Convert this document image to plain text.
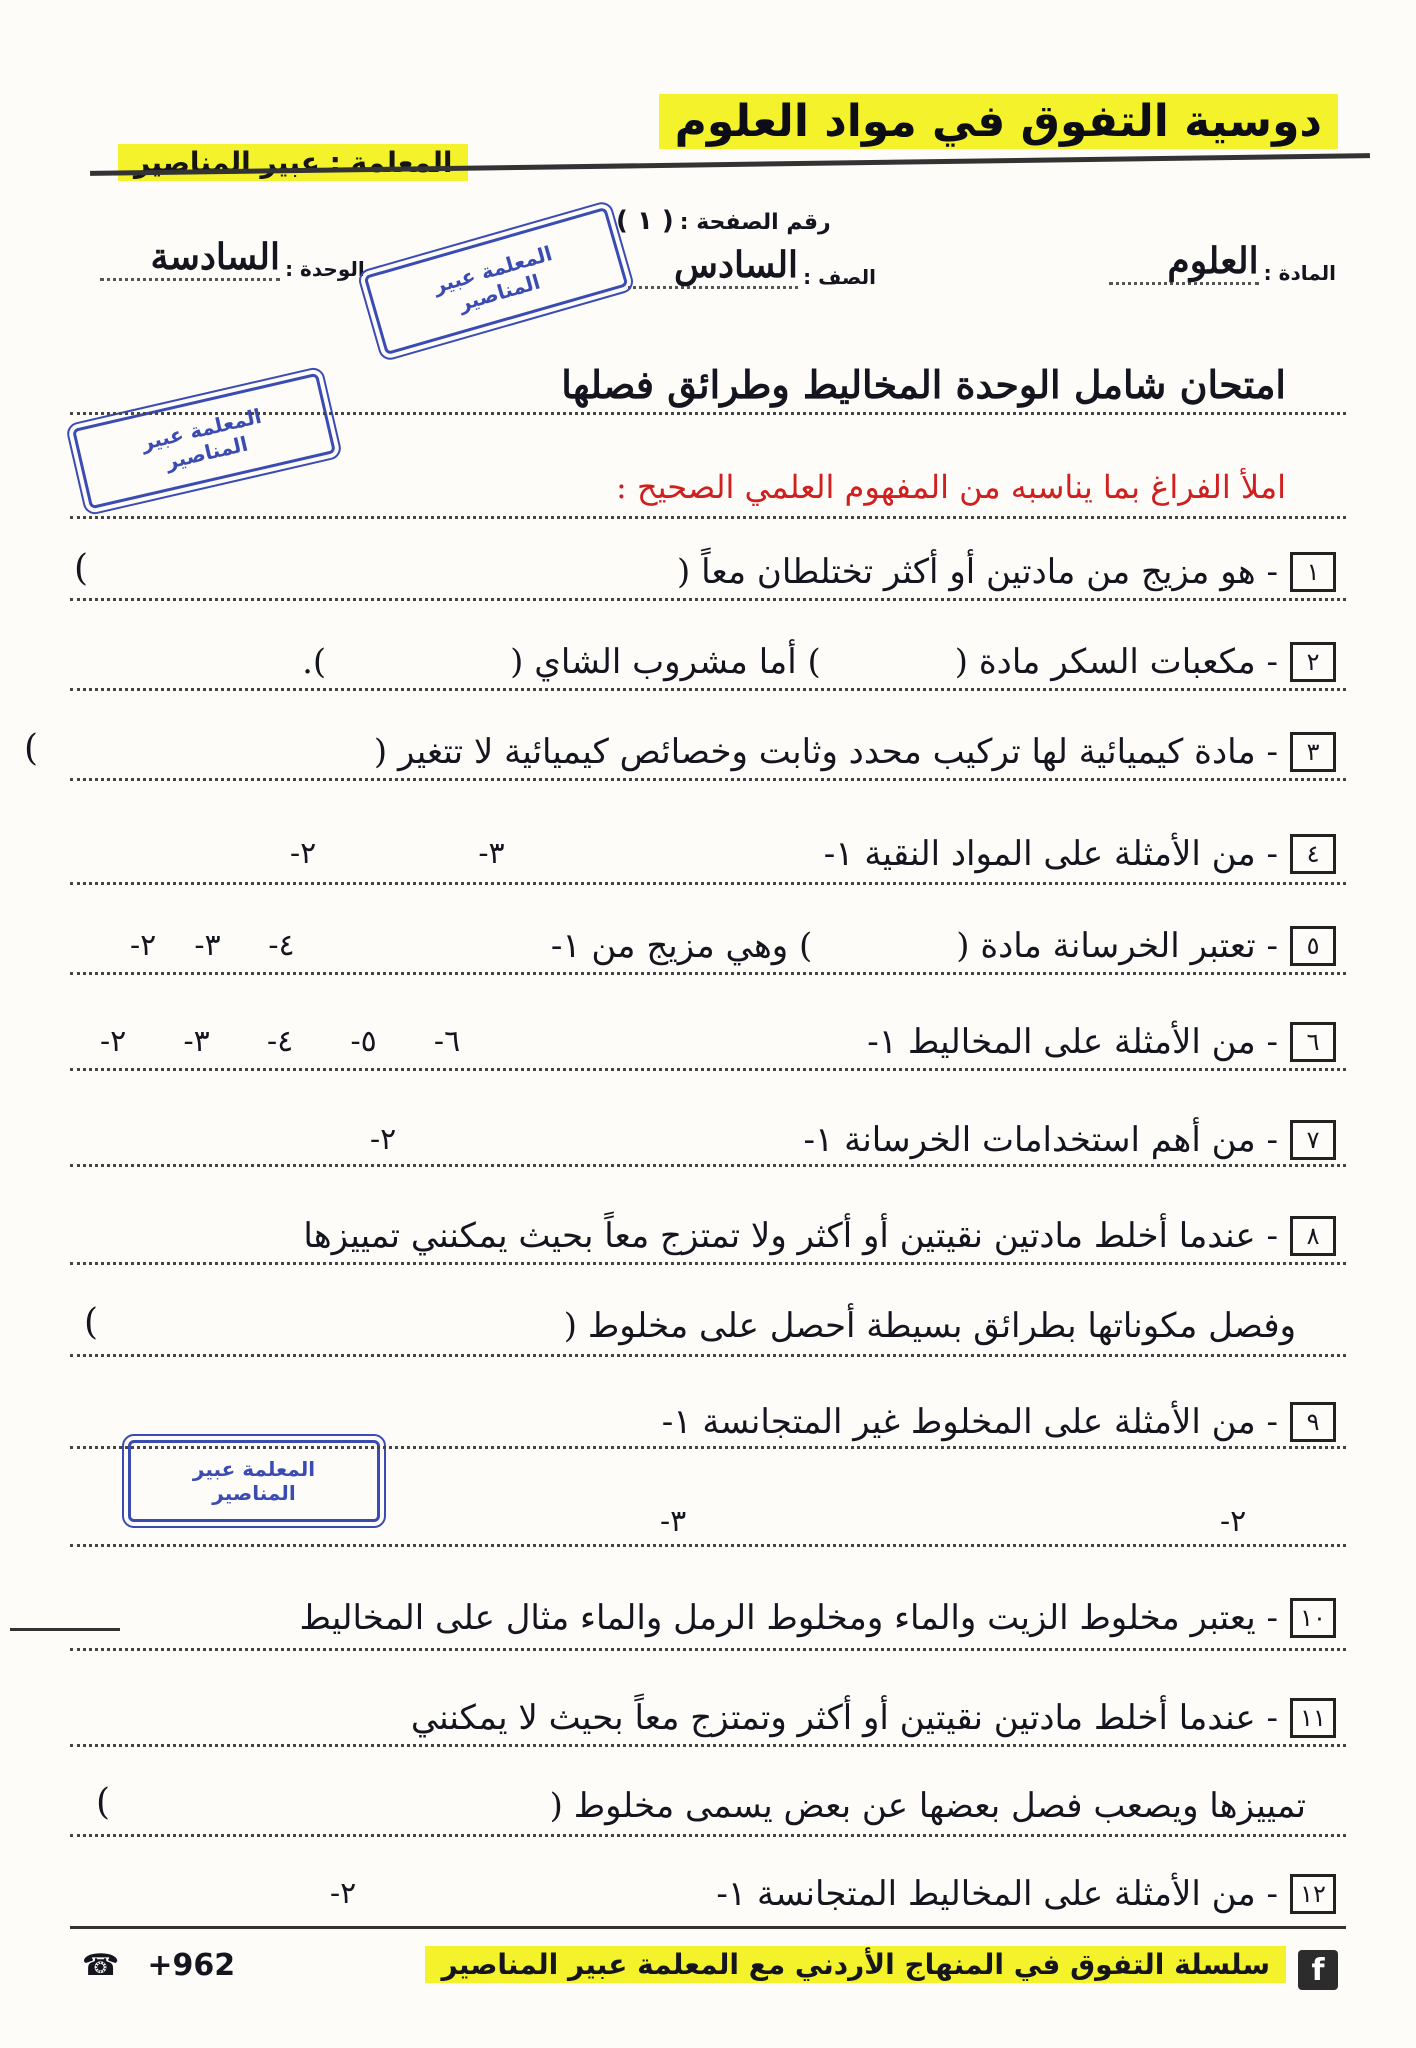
دوسية التفوق في مواد العلوم
المعلمة : عبير المناصير
رقم الصفحة :( ١ )
المادة : العلوم
الصف : السادس
الوحدة : السادسة	المعلمة عبير المناصير
المعلمة عبير المناصير
المعلمة عبير المناصير
امتحان شامل الوحدة المخاليط وطرائق فصلها
املأ الفراغ بما يناسبه من المفهوم العلمي الصحيح :
١
- هو مزيج من مادتين أو أكثر تختلطان معاً (
)
٢
- مكعبات السكر مادة (
) أما مشروب الشاي (
).
٣
- مادة كيميائية لها تركيب محدد وثابت وخصائص كيميائية لا تتغير (
)
٤
- من الأمثلة على المواد النقية ١-
٣-                 ٢-
٥
- تعتبر الخرسانة مادة (
) وهي مزيج من ١-
٤-     ٣-    ٢-
٦
- من الأمثلة على المخاليط ١-
٦-      ٥-      ٤-      ٣-      ٢-
٧
- من أهم استخدامات الخرسانة ١-
٢-
٨
- عندما أخلط مادتين نقيتين أو أكثر ولا تمتزج معاً بحيث يمكنني تمييزها
وفصل مكوناتها بطرائق بسيطة أحصل على مخلوط (
)
٩
- من الأمثلة على المخلوط غير المتجانسة ١-
٣-	٢-
١٠
- يعتبر مخلوط الزيت والماء ومخلوط الرمل والماء مثال على المخاليط
١١
- عندما أخلط مادتين نقيتين أو أكثر وتمتزج معاً بحيث لا يمكنني
تمييزها ويصعب فصل بعضها عن بعض يسمى مخلوط (
)
١٢
- من الأمثلة على المخاليط المتجانسة ١-
٢-
f
سلسلة التفوق في المنهاج الأردني مع المعلمة عبير المناصير
☎ +962
